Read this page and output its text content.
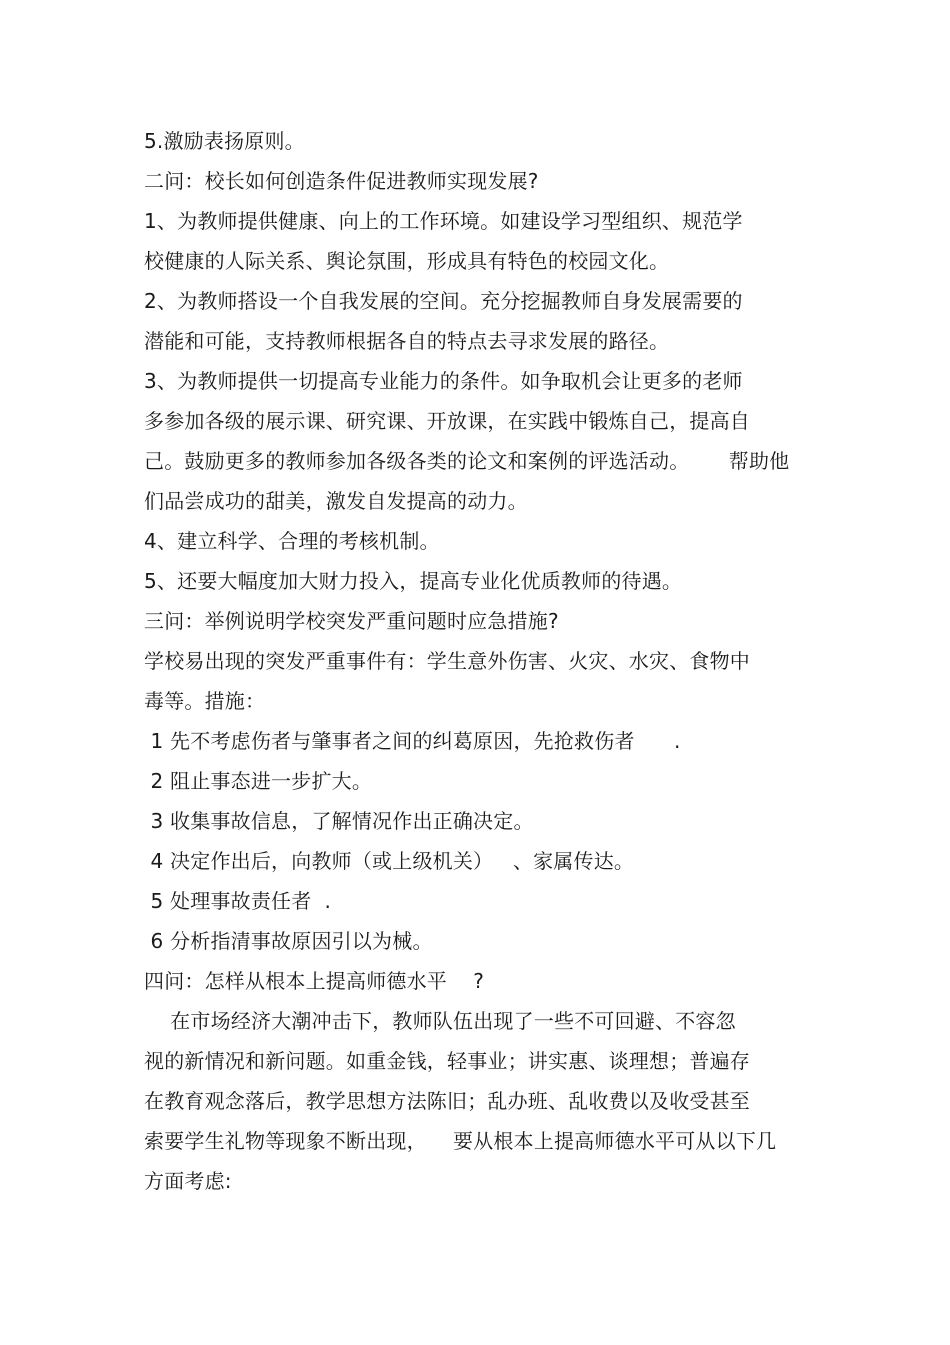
5.激励表扬原则。
二问：校长如何创造条件促进教师实现发展?
1、为教师提供健康、向上的工作环境。如建设学习型组织、规范学
校健康的人际关系、舆论氛围，形成具有特色的校园文化。
2、为教师搭设一个自我发展的空间。充分挖掘教师自身发展需要的
潜能和可能，支持教师根据各自的特点去寻求发展的路径。
3、为教师提供一切提高专业能力的条件。如争取机会让更多的老师
多参加各级的展示课、研究课、开放课，在实践中锻炼自己，提高自
己。鼓励更多的教师参加各级各类的论文和案例的评选活动。      帮助他
们品尝成功的甜美，激发自发提高的动力。
4、建立科学、合理的考核机制。
5、还要大幅度加大财力投入，提高专业化优质教师的待遇。
三问：举例说明学校突发严重问题时应急措施?
学校易出现的突发严重事件有：学生意外伤害、火灾、水灾、食物中
毒等。措施：
1 先不考虑伤者与肇事者之间的纠葛原因，先抢救伤者      .
2 阻止事态进一步扩大。
3 收集事故信息，了解情况作出正确决定。
4 决定作出后，向教师（或上级机关）   、家属传达。
5 处理事故责任者  .
6 分析指清事故原因引以为械。
四问：怎样从根本上提高师德水平    ?
在市场经济大潮冲击下，教师队伍出现了一些不可回避、不容忽
视的新情况和新问题。如重金钱，轻事业；讲实惠、谈理想；普遍存
在教育观念落后，教学思想方法陈旧；乱办班、乱收费以及收受甚至
索要学生礼物等现象不断出现，    要从根本上提高师德水平可从以下几
方面考虑:
